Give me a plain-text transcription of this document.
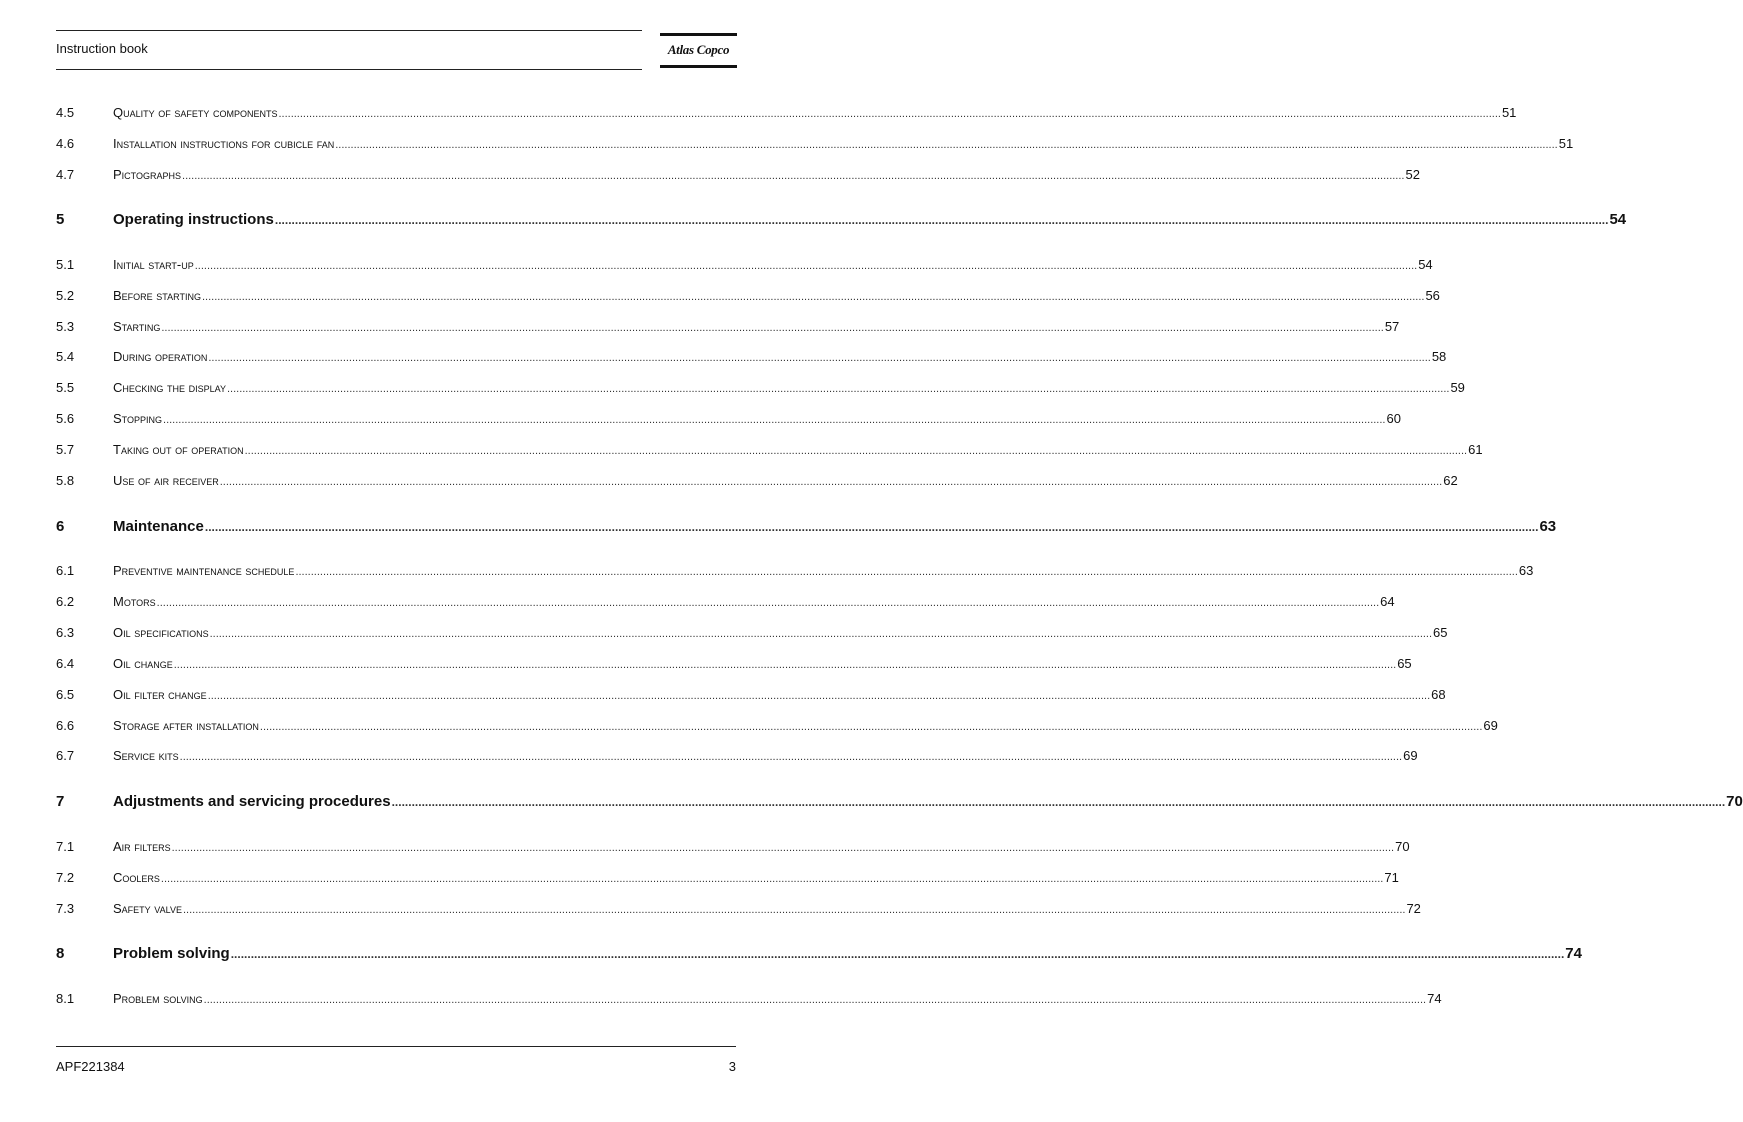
Instruction book	Atlas Copco
4.5	Quality of safety components ................................................................................................................................................................................................................................................................................................................................................................................................................ 51
4.6	Installation instructions for cubicle fan ................................................................................................................................................................................................................................................................................................................................................................................................................ 51
4.7	Pictographs ................................................................................................................................................................................................................................................................................................................................................................................................................ 52
5	Operating instructions ................................................................................................................................................................................................................................................................................................................................................................................................................ 54
5.1	Initial start-up ................................................................................................................................................................................................................................................................................................................................................................................................................ 54
5.2	Before starting ................................................................................................................................................................................................................................................................................................................................................................................................................ 56
5.3	Starting ................................................................................................................................................................................................................................................................................................................................................................................................................ 57
5.4	During operation ................................................................................................................................................................................................................................................................................................................................................................................................................ 58
5.5	Checking the display ................................................................................................................................................................................................................................................................................................................................................................................................................ 59
5.6	Stopping ................................................................................................................................................................................................................................................................................................................................................................................................................ 60
5.7	Taking out of operation ................................................................................................................................................................................................................................................................................................................................................................................................................ 61
5.8	Use of air receiver ................................................................................................................................................................................................................................................................................................................................................................................................................ 62
6	Maintenance ................................................................................................................................................................................................................................................................................................................................................................................................................ 63
6.1	Preventive maintenance schedule ................................................................................................................................................................................................................................................................................................................................................................................................................ 63
6.2	Motors ................................................................................................................................................................................................................................................................................................................................................................................................................ 64
6.3	Oil specifications ................................................................................................................................................................................................................................................................................................................................................................................................................ 65
6.4	Oil change ................................................................................................................................................................................................................................................................................................................................................................................................................ 65
6.5	Oil filter change ................................................................................................................................................................................................................................................................................................................................................................................................................ 68
6.6	Storage after installation ................................................................................................................................................................................................................................................................................................................................................................................................................ 69
6.7	Service kits ................................................................................................................................................................................................................................................................................................................................................................................................................ 69
7	Adjustments and servicing procedures ................................................................................................................................................................................................................................................................................................................................................................................................................ 70
7.1	Air filters ................................................................................................................................................................................................................................................................................................................................................................................................................ 70
7.2	Coolers ................................................................................................................................................................................................................................................................................................................................................................................................................ 71
7.3	Safety valve ................................................................................................................................................................................................................................................................................................................................................................................................................ 72
8	Problem solving ................................................................................................................................................................................................................................................................................................................................................................................................................ 74
8.1	Problem solving ................................................................................................................................................................................................................................................................................................................................................................................................................ 74
APF221384	3
